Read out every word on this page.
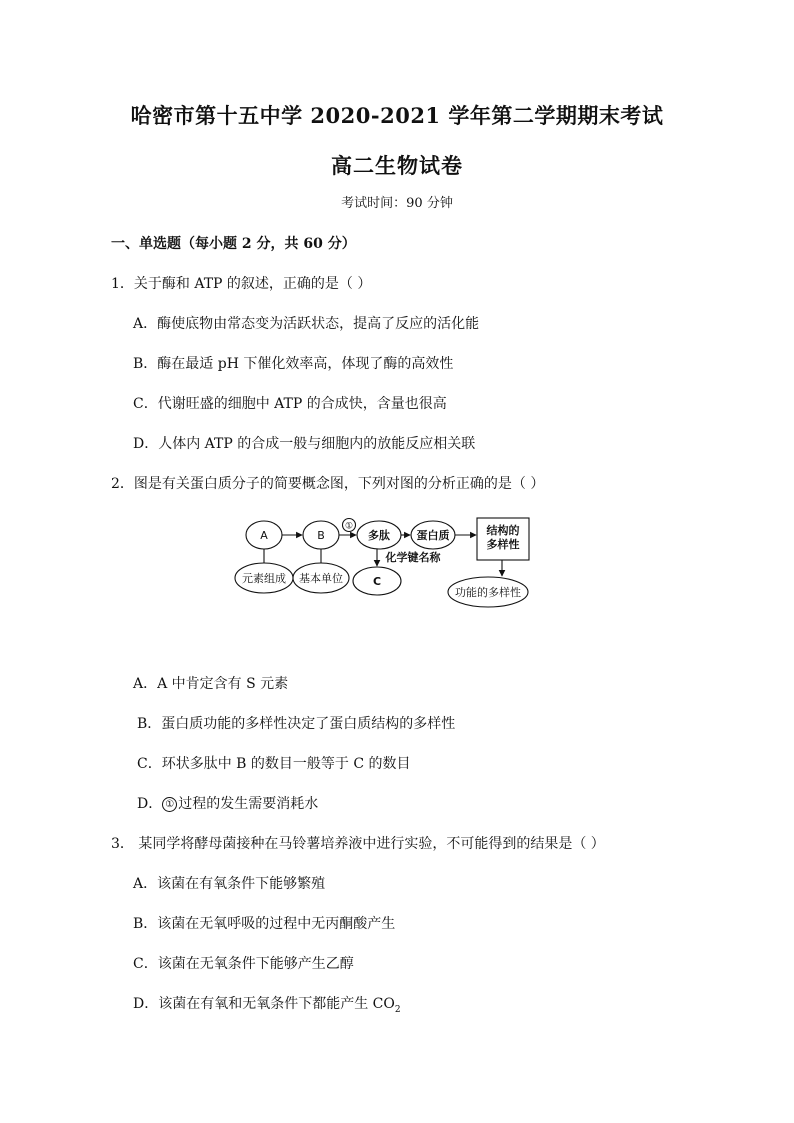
哈密市第十五中学 2020-2021 学年第二学期期末考试
高二生物试卷
考试时间：90 分钟
一、单选题（每小题 2 分，共 60 分）
1．关于酶和 ATP 的叙述，正确的是（ ）
A．酶使底物由常态变为活跃状态，提高了反应的活化能
B．酶在最适 pH 下催化效率高，体现了酶的高效性
C．代谢旺盛的细胞中 ATP 的合成快，含量也很高
D．人体内 ATP 的合成一般与细胞内的放能反应相关联
2．图是有关蛋白质分子的简要概念图，下列对图的分析正确的是（ ）
A	B	多肽 蛋白质	结构的
多样性
元素组成 基本单位	C
功能的多样性
化学键名称
①
A．A 中肯定含有 S 元素
B．蛋白质功能的多样性决定了蛋白质结构的多样性
C．环状多肽中 B 的数目一般等于 C 的数目
D． ① 过程的发生需要消耗水
3． 某同学将酵母菌接种在马铃薯培养液中进行实验，不可能得到的结果是（ ）
A．该菌在有氧条件下能够繁殖
B．该菌在无氧呼吸的过程中无丙酮酸产生
C．该菌在无氧条件下能够产生乙醇
D．该菌在有氧和无氧条件下都能产生 $CO_2$
